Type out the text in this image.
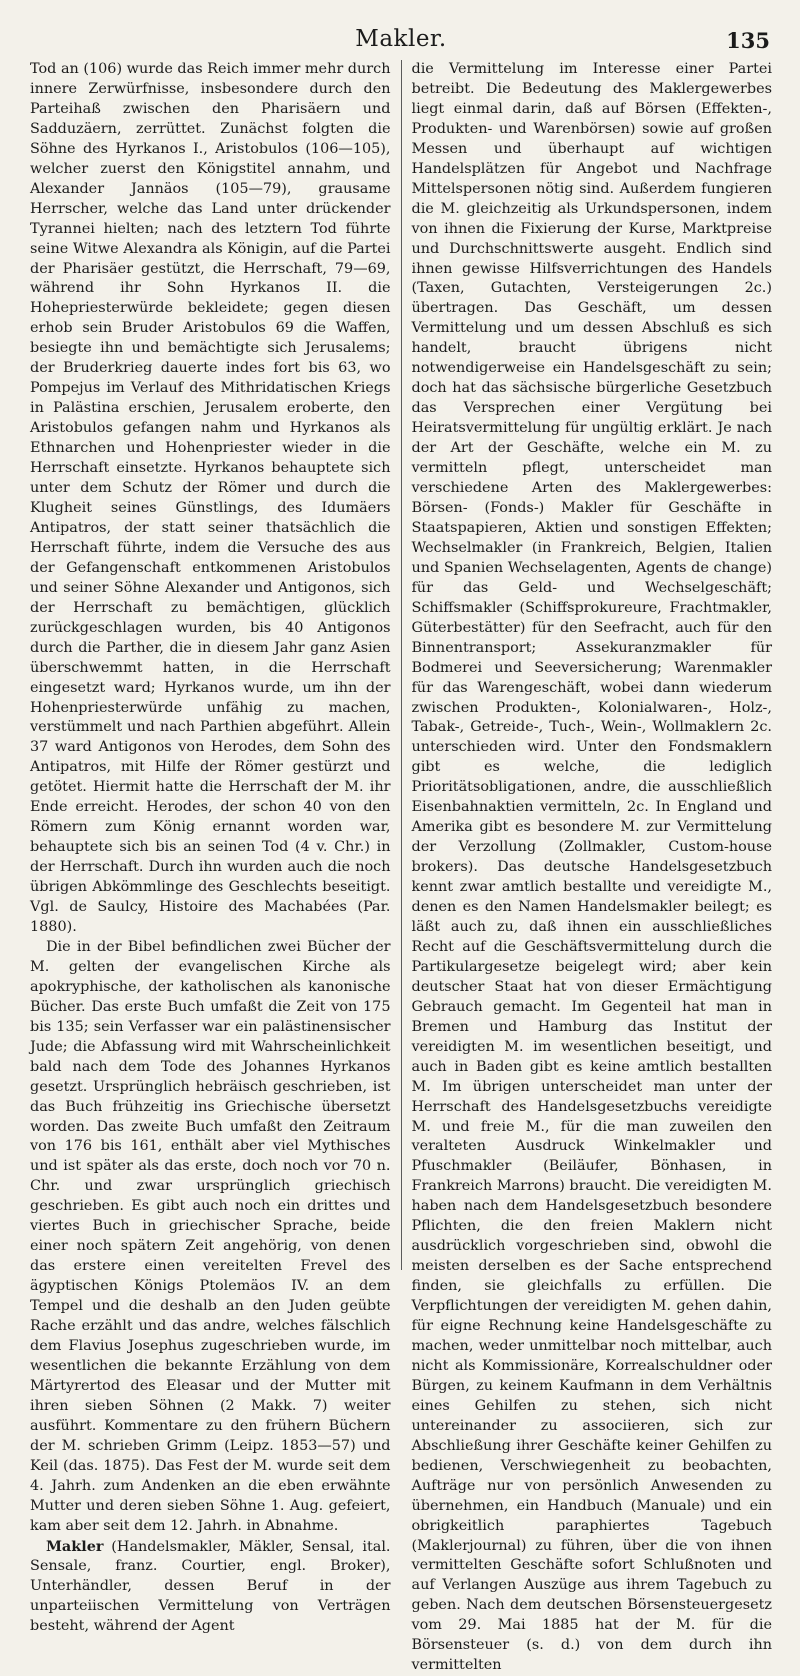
Makler.	135

Tod an (106) wurde das Reich immer mehr durch innere Zerwürfnisse, insbesondere durch den Parteihaß zwischen den Pharisäern und Sadduzäern, zerrüttet. Zunächst folgten die Söhne des Hyrkanos I., Aristobulos (106—105), welcher zuerst den Königstitel annahm, und Alexander Jannäos (105—79), grausame Herrscher, welche das Land unter drückender Tyrannei hielten; nach des letztern Tod führte seine Witwe Alexandra als Königin, auf die Partei der Pharisäer gestützt, die Herrschaft, 79—69, während ihr Sohn Hyrkanos II. die Hohepriesterwürde bekleidete; gegen diesen erhob sein Bruder Aristobulos 69 die Waffen, besiegte ihn und bemächtigte sich Jerusalems; der Bruderkrieg dauerte indes fort bis 63, wo Pompejus im Verlauf des Mithridatischen Kriegs in Palästina erschien, Jerusalem eroberte, den Aristobulos gefangen nahm und Hyrkanos als Ethnarchen und Hohenpriester wieder in die Herrschaft einsetzte. Hyrkanos behauptete sich unter dem Schutz der Römer und durch die Klugheit seines Günstlings, des Idumäers Antipatros, der statt seiner thatsächlich die Herrschaft führte, indem die Versuche des aus der Gefangenschaft entkommenen Aristobulos und seiner Söhne Alexander und Antigonos, sich der Herrschaft zu bemächtigen, glücklich zurückgeschlagen wurden, bis 40 Antigonos durch die Parther, die in diesem Jahr ganz Asien überschwemmt hatten, in die Herrschaft eingesetzt ward; Hyrkanos wurde, um ihn der Hohenpriesterwürde unfähig zu machen, verstümmelt und nach Parthien abgeführt. Allein 37 ward Antigonos von Herodes, dem Sohn des Antipatros, mit Hilfe der Römer gestürzt und getötet. Hiermit hatte die Herrschaft der M. ihr Ende erreicht. Herodes, der schon 40 von den Römern zum König ernannt worden war, behauptete sich bis an seinen Tod (4 v. Chr.) in der Herrschaft. Durch ihn wurden auch die noch übrigen Abkömmlinge des Geschlechts beseitigt. Vgl. de Saulcy, Histoire des Machabées (Par. 1880).

Die in der Bibel befindlichen zwei Bücher der M. gelten der evangelischen Kirche als apokryphische, der katholischen als kanonische Bücher. Das erste Buch umfaßt die Zeit von 175 bis 135; sein Verfasser war ein palästinensischer Jude; die Abfassung wird mit Wahrscheinlichkeit bald nach dem Tode des Johannes Hyrkanos gesetzt. Ursprünglich hebräisch geschrieben, ist das Buch frühzeitig ins Griechische übersetzt worden. Das zweite Buch umfaßt den Zeitraum von 176 bis 161, enthält aber viel Mythisches und ist später als das erste, doch noch vor 70 n. Chr. und zwar ursprünglich griechisch geschrieben. Es gibt auch noch ein drittes und viertes Buch in griechischer Sprache, beide einer noch spätern Zeit angehörig, von denen das erstere einen vereitelten Frevel des ägyptischen Königs Ptolemäos IV. an dem Tempel und die deshalb an den Juden geübte Rache erzählt und das andre, welches fälschlich dem Flavius Josephus zugeschrieben wurde, im wesentlichen die bekannte Erzählung von dem Märtyrertod des Eleasar und der Mutter mit ihren sieben Söhnen (2 Makk. 7) weiter ausführt. Kommentare zu den frühern Büchern der M. schrieben Grimm (Leipz. 1853—57) und Keil (das. 1875). Das Fest der M. wurde seit dem 4. Jahrh. zum Andenken an die eben erwähnte Mutter und deren sieben Söhne 1. Aug. gefeiert, kam aber seit dem 12. Jahrh. in Abnahme.

Makler (Handelsmakler, Mäkler, Sensal, ital. Sensale, franz. Courtier, engl. Broker), Unterhändler, dessen Beruf in der unparteiischen Vermittelung von Verträgen besteht, während der Agent

die Vermittelung im Interesse einer Partei betreibt. Die Bedeutung des Maklergewerbes liegt einmal darin, daß auf Börsen (Effekten-, Produkten- und Warenbörsen) sowie auf großen Messen und überhaupt auf wichtigen Handelsplätzen für Angebot und Nachfrage Mittelspersonen nötig sind. Außerdem fungieren die M. gleichzeitig als Urkundspersonen, indem von ihnen die Fixierung der Kurse, Marktpreise und Durchschnittswerte ausgeht. Endlich sind ihnen gewisse Hilfsverrichtungen des Handels (Taxen, Gutachten, Versteigerungen 2c.) übertragen. Das Geschäft, um dessen Vermittelung und um dessen Abschluß es sich handelt, braucht übrigens nicht notwendigerweise ein Handelsgeschäft zu sein; doch hat das sächsische bürgerliche Gesetzbuch das Versprechen einer Vergütung bei Heiratsvermittelung für ungültig erklärt. Je nach der Art der Geschäfte, welche ein M. zu vermitteln pflegt, unterscheidet man verschiedene Arten des Maklergewerbes: Börsen- (Fonds-) Makler für Geschäfte in Staatspapieren, Aktien und sonstigen Effekten; Wechselmakler (in Frankreich, Belgien, Italien und Spanien Wechselagenten, Agents de change) für das Geld- und Wechselgeschäft; Schiffsmakler (Schiffsprokureure, Frachtmakler, Güterbestätter) für den Seefracht, auch für den Binnentransport; Assekuranzmakler für Bodmerei und Seeversicherung; Warenmakler für das Warengeschäft, wobei dann wiederum zwischen Produkten-, Kolonialwaren-, Holz-, Tabak-, Getreide-, Tuch-, Wein-, Wollmaklern 2c. unterschieden wird. Unter den Fondsmaklern gibt es welche, die lediglich Prioritätsobligationen, andre, die ausschließlich Eisenbahnaktien vermitteln, 2c. In England und Amerika gibt es besondere M. zur Vermittelung der Verzollung (Zollmakler, Custom-house brokers). Das deutsche Handelsgesetzbuch kennt zwar amtlich bestallte und vereidigte M., denen es den Namen Handelsmakler beilegt; es läßt auch zu, daß ihnen ein ausschließliches Recht auf die Geschäftsvermittelung durch die Partikulargesetze beigelegt wird; aber kein deutscher Staat hat von dieser Ermächtigung Gebrauch gemacht. Im Gegenteil hat man in Bremen und Hamburg das Institut der vereidigten M. im wesentlichen beseitigt, und auch in Baden gibt es keine amtlich bestallten M. Im übrigen unterscheidet man unter der Herrschaft des Handelsgesetzbuchs vereidigte M. und freie M., für die man zuweilen den veralteten Ausdruck Winkelmakler und Pfuschmakler (Beiläufer, Bönhasen, in Frankreich Marrons) braucht. Die vereidigten M. haben nach dem Handelsgesetzbuch besondere Pflichten, die den freien Maklern nicht ausdrücklich vorgeschrieben sind, obwohl die meisten derselben es der Sache entsprechend finden, sie gleichfalls zu erfüllen. Die Verpflichtungen der vereidigten M. gehen dahin, für eigne Rechnung keine Handelsgeschäfte zu machen, weder unmittelbar noch mittelbar, auch nicht als Kommissionäre, Korrealschuldner oder Bürgen, zu keinem Kaufmann in dem Verhältnis eines Gehilfen zu stehen, sich nicht untereinander zu associieren, sich zur Abschließung ihrer Geschäfte keiner Gehilfen zu bedienen, Verschwiegenheit zu beobachten, Aufträge nur von persönlich Anwesenden zu übernehmen, ein Handbuch (Manuale) und ein obrigkeitlich paraphiertes Tagebuch (Maklerjournal) zu führen, über die von ihnen vermittelten Geschäfte sofort Schlußnoten und auf Verlangen Auszüge aus ihrem Tagebuch zu geben. Nach dem deutschen Börsensteuergesetz vom 29. Mai 1885 hat der M. für die Börsensteuer (s. d.) von dem durch ihn vermittelten
